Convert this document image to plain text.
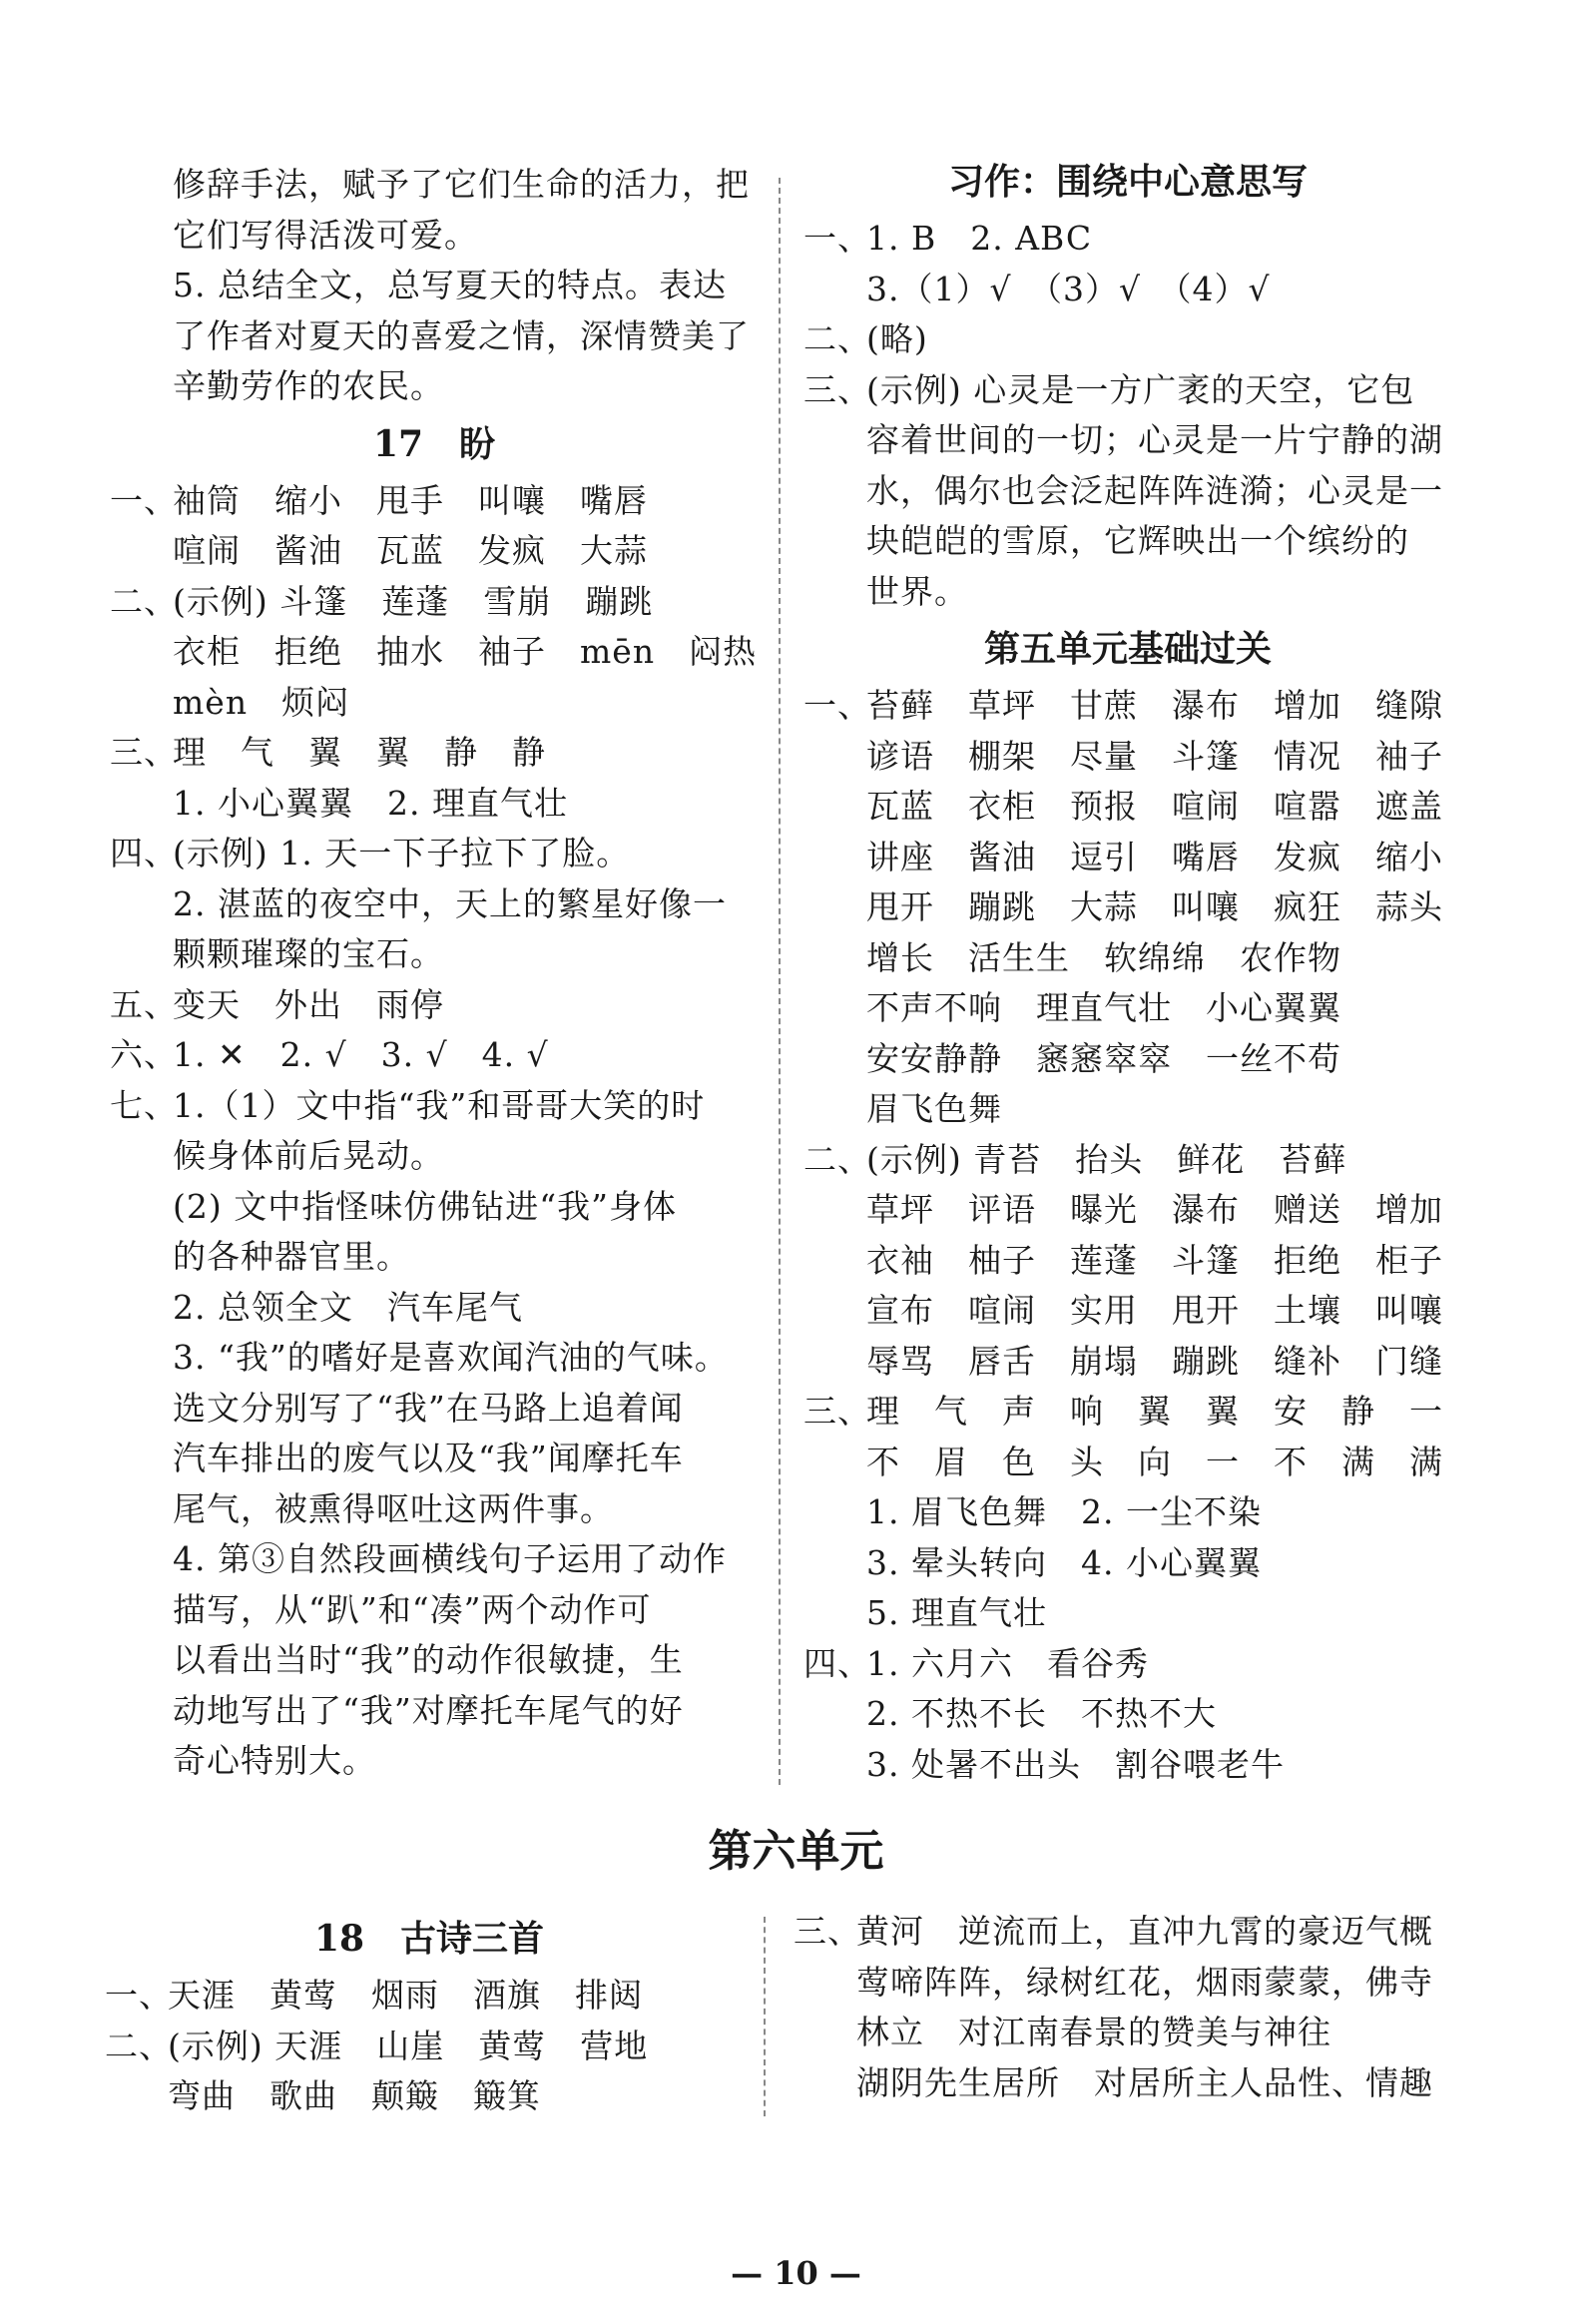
修辞手法，赋予了它们生命的活力，把
它们写得活泼可爱。
5. 总结全文，总写夏天的特点。表达
了作者对夏天的喜爱之情，深情赞美了
辛勤劳作的农民。
17　盼
一、袖筒　缩小　甩手　叫嚷　嘴唇
喧闹　酱油　瓦蓝　发疯　大蒜
二、(示例) 斗篷　莲蓬　雪崩　蹦跳
衣柜　拒绝　抽水　袖子　mēn　闷热
mèn　烦闷
三、理　气　翼　翼　静　静
1. 小心翼翼　2. 理直气壮
四、(示例) 1. 天一下子拉下了脸。
2. 湛蓝的夜空中，天上的繁星好像一
颗颗璀璨的宝石。
五、变天　外出　雨停
六、1. ✕　2. √　3. √　4. √
七、1.（1）文中指“我”和哥哥大笑的时
候身体前后晃动。
(2) 文中指怪味仿佛钻进“我”身体
的各种器官里。
2. 总领全文　汽车尾气
3. “我”的嗜好是喜欢闻汽油的气味。
选文分别写了“我”在马路上追着闻
汽车排出的废气以及“我”闻摩托车
尾气，被熏得呕吐这两件事。
4. 第③自然段画横线句子运用了动作
描写，从“趴”和“凑”两个动作可
以看出当时“我”的动作很敏捷，生
动地写出了“我”对摩托车尾气的好
奇心特别大。
习作：围绕中心意思写
一、1. B　2. ABC
3.（1）√　（3）√　（4）√
二、(略)
三、(示例) 心灵是一方广袤的天空，它包
容着世间的一切；心灵是一片宁静的湖
水，偶尔也会泛起阵阵涟漪；心灵是一
块皑皑的雪原，它辉映出一个缤纷的
世界。
第五单元基础过关
一、苔藓　草坪　甘蔗　瀑布　增加　缝隙
谚语　棚架　尽量　斗篷　情况　袖子
瓦蓝　衣柜　预报　喧闹　喧嚣　遮盖
讲座　酱油　逗引　嘴唇　发疯　缩小
甩开　蹦跳　大蒜　叫嚷　疯狂　蒜头
增长　活生生　软绵绵　农作物
不声不响　理直气壮　小心翼翼
安安静静　窸窸窣窣　一丝不苟
眉飞色舞
二、(示例) 青苔　抬头　鲜花　苔藓
草坪　评语　曝光　瀑布　赠送　增加
衣袖　柚子　莲蓬　斗篷　拒绝　柜子
宣布　喧闹　实用　甩开　土壤　叫嚷
辱骂　唇舌　崩塌　蹦跳　缝补　门缝
三、理　气　声　响　翼　翼　安　静　一
不　眉　色　头　向　一　不　满　满
1. 眉飞色舞　2. 一尘不染
3. 晕头转向　4. 小心翼翼
5. 理直气壮
四、1. 六月六　看谷秀
2. 不热不长　不热不大
3. 处暑不出头　割谷喂老牛
第六单元
18　古诗三首
一、天涯　黄莺　烟雨　酒旗　排闼
二、(示例) 天涯　山崖　黄莺　营地
弯曲　歌曲　颠簸　簸箕
三、黄河　逆流而上，直冲九霄的豪迈气概
莺啼阵阵，绿树红花，烟雨蒙蒙，佛寺
林立　对江南春景的赞美与神往
湖阴先生居所　对居所主人品性、情趣
— 10 —
